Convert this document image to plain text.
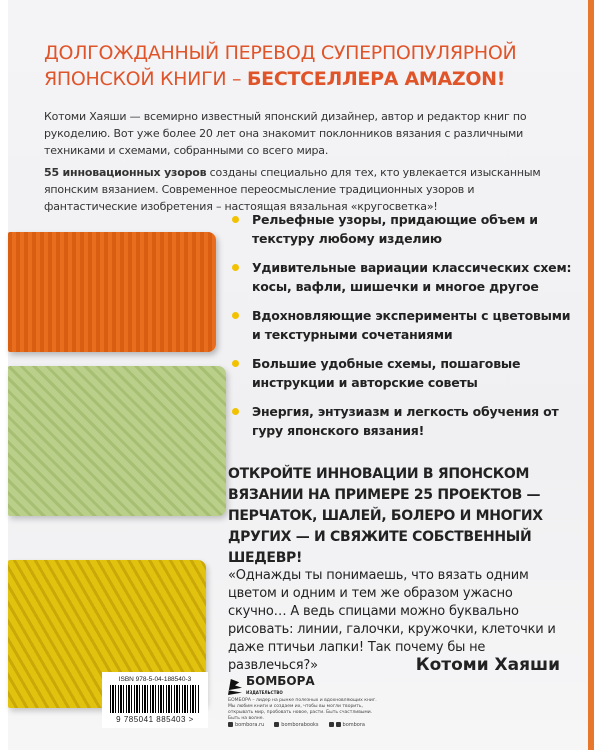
ДОЛГОЖДАННЫЙ ПЕРЕВОД СУПЕРПОПУЛЯРНОЙ
ЯПОНСКОЙ КНИГИ – БЕСТСЕЛЛЕРА AMAZON!

Котоми Хаяши — всемирно известный японский дизайнер, автор и редактор книг по рукоделию. Вот уже более 20 лет она знакомит поклонников вязания с различными техниками и схемами, собранными со всего мира.

55 инновационных узоров созданы специально для тех, кто увлекается изысканным японским вязанием. Современное переосмысление традиционных узоров и фантастические изобретения – настоящая вязальная «кругосветка»!

Рельефные узоры, придающие объем и текстуру любому изделию
Удивительные вариации классических схем: косы, вафли, шишечки и многое другое
Вдохновляющие эксперименты с цветовыми и текстурными сочетаниями
Большие удобные схемы, пошаговые инструкции и авторские советы
Энергия, энтузиазм и легкость обучения от гуру японского вязания!
ОТКРОЙТЕ ИННОВАЦИИ В ЯПОНСКОМ ВЯЗАНИИ НА ПРИМЕРЕ 25 ПРОЕКТОВ — ПЕРЧАТОК, ШАЛЕЙ, БОЛЕРО И МНОГИХ ДРУГИХ — И СВЯЖИТЕ СОБСТВЕННЫЙ ШЕДЕВР!
«Однажды ты понимаешь, что вязать одним цветом и одним и тем же образом ужасно скучно… А ведь спицами можно буквально рисовать: линии, галочки, кружочки, клеточки и даже птичьи лапки! Так почему бы не развлечься?»	Котоми Хаяши
ISBN 978-5-04-188540-3
9 785041 885403 >
БОМБОРА
ИЗДАТЕЛЬСТВО
БОМБОРА – лидер на рынке полезных и вдохновляющих книг. Мы любим книги и создаем их, чтобы вы могли творить, открывать мир, пробовать новое, расти. Быть счастливыми. Быть на волне.
bombora.ru	bomborabooks	bombora
